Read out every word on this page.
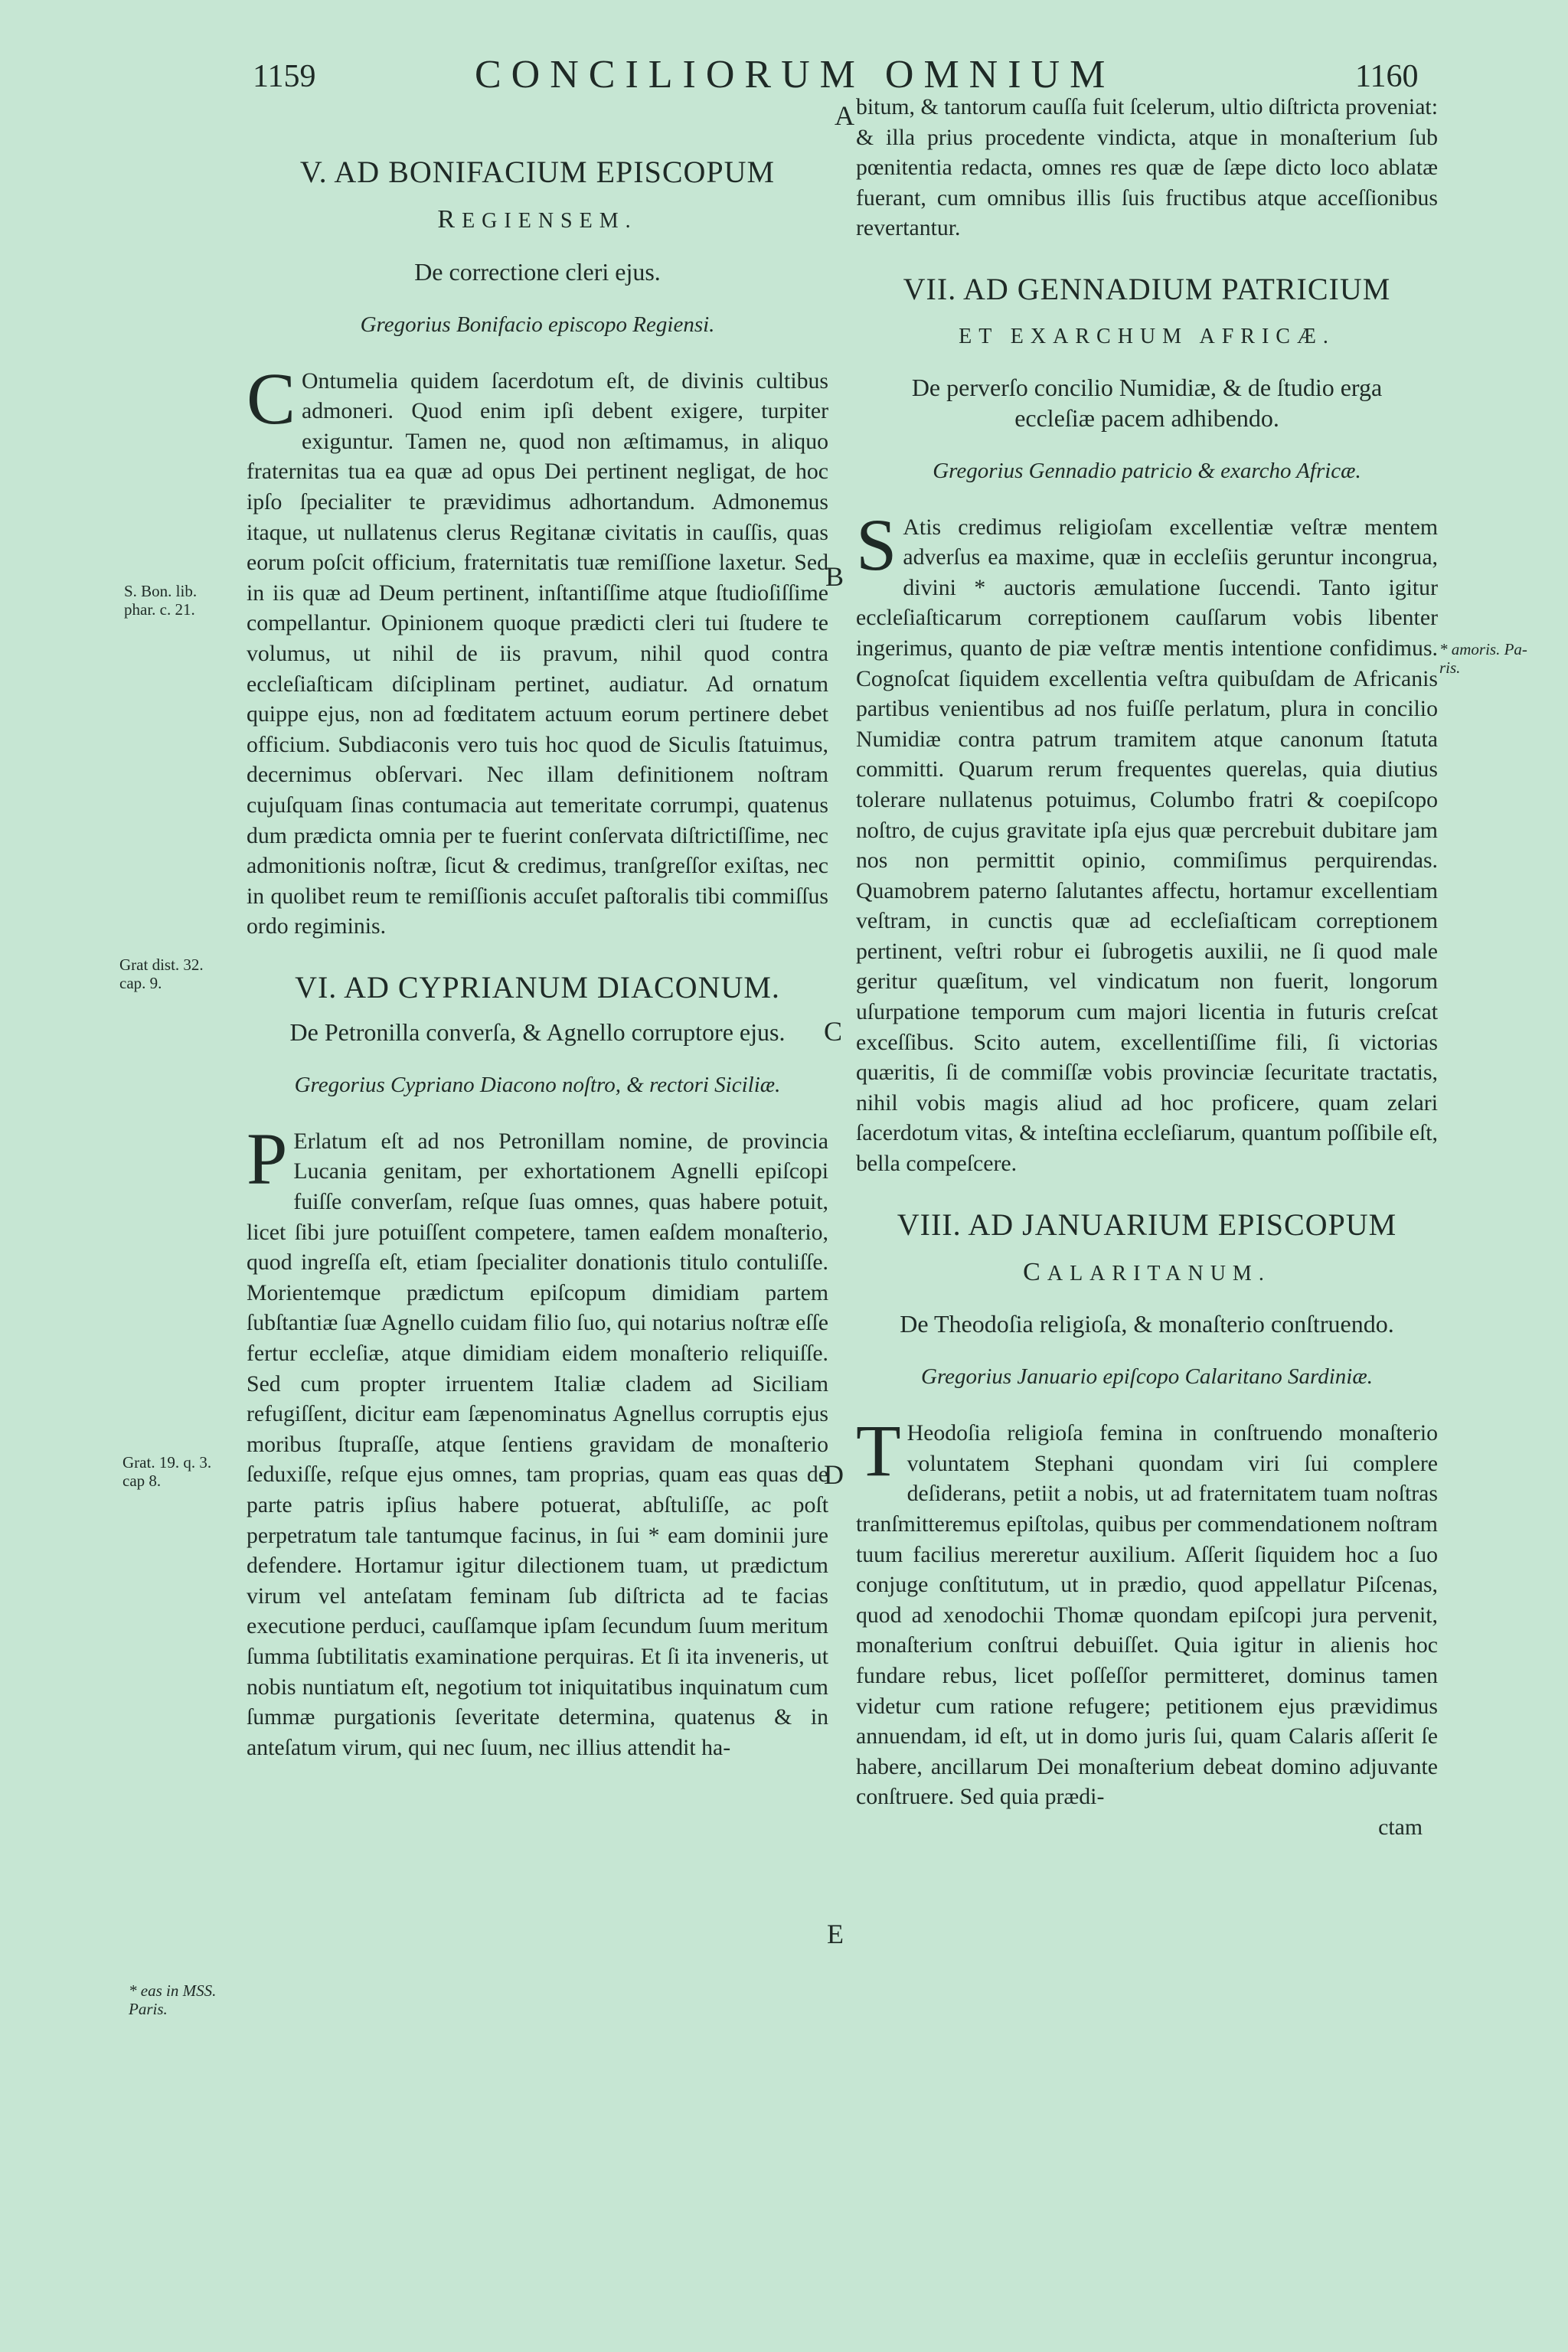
1159	CONCILIORUM OMNIUM	1160
A
B
C
D
E
S. Bon. lib.
phar. c. 21.
Grat dist. 32.
cap. 9.
Grat. 19. q. 3.
cap 8.
* eas in MSS.
Paris.
* amoris. Pa-
ris.
V. AD BONIFACIUM EPISCOPUM
REGIENSEM.
De correctione cleri ejus.
Gregorius Bonifacio episcopo Regiensi.

C Ontumelia quidem ſacerdotum eſt, de divinis cultibus admoneri. Quod enim ipſi debent exigere, turpiter exiguntur. Tamen ne, quod non æſtimamus, in aliquo fraternitas tua ea quæ ad opus Dei pertinent negligat, de hoc ipſo ſpecialiter te prævidimus adhortandum. Admonemus itaque, ut nullatenus clerus Regitanæ civitatis in cauſſis, quas eorum poſcit officium, fraternitatis tuæ remiſſione laxetur. Sed in iis quæ ad Deum pertinent, inſtantiſſime atque ſtudioſiſſime compellantur. Opinionem quoque prædicti cleri tui ſtudere te volumus, ut nihil de iis pravum, nihil quod contra eccleſiaſticam diſciplinam pertinet, audiatur. Ad ornatum quippe ejus, non ad fœditatem actuum eorum pertinere debet officium. Subdiaconis vero tuis hoc quod de Siculis ſtatuimus, decernimus obſervari. Nec illam definitionem noſtram cujuſquam ſinas contumacia aut temeritate corrumpi, quatenus dum prædicta omnia per te fuerint conſervata diſtrictiſſime, nec admonitionis noſtræ, ſicut & credimus, tranſgreſſor exiſtas, nec in quolibet reum te remiſſionis accuſet paſtoralis tibi commiſſus ordo regiminis.

VI. AD CYPRIANUM DIACONUM.
De Petronilla converſa, & Agnello corruptore ejus.
Gregorius Cypriano Diacono noſtro, & rectori Siciliæ.

P Erlatum eſt ad nos Petronillam nomine, de provincia Lucania genitam, per exhortationem Agnelli epiſcopi fuiſſe converſam, reſque ſuas omnes, quas habere potuit, licet ſibi jure potuiſſent competere, tamen eaſdem monaſterio, quod ingreſſa eſt, etiam ſpecialiter donationis titulo contuliſſe. Morientemque prædictum epiſcopum dimidiam partem ſubſtantiæ ſuæ Agnello cuidam filio ſuo, qui notarius noſtræ eſſe fertur eccleſiæ, atque dimidiam eidem monaſterio reliquiſſe. Sed cum propter irruentem Italiæ cladem ad Siciliam refugiſſent, dicitur eam ſæpenominatus Agnellus corruptis ejus moribus ſtupraſſe, atque ſentiens gravidam de monaſterio ſeduxiſſe, reſque ejus omnes, tam proprias, quam eas quas de parte patris ipſius habere potuerat, abſtuliſſe, ac poſt perpetratum tale tantumque facinus, in ſui * eam dominii jure defendere. Hortamur igitur dilectionem tuam, ut prædictum virum vel anteſatam feminam ſub diſtricta ad te facias executione perduci, cauſſamque ipſam ſecundum ſuum meritum ſumma ſubtilitatis examinatione perquiras. Et ſi ita inveneris, ut nobis nuntiatum eſt, negotium tot iniquitatibus inquinatum cum ſummæ purgationis ſeveritate determina, quatenus & in anteſatum virum, qui nec ſuum, nec illius attendit ha-

bitum, & tantorum cauſſa fuit ſcelerum, ultio diſtricta proveniat: & illa prius procedente vindicta, atque in monaſterium ſub pœnitentia redacta, omnes res quæ de ſæpe dicto loco ablatæ fuerant, cum omnibus illis ſuis fructibus atque acceſſionibus revertantur.

VII. AD GENNADIUM PATRICIUM
ET EXARCHUM AFRICÆ.
De perverſo concilio Numidiæ, & de ſtudio erga eccleſiæ pacem adhibendo.
Gregorius Gennadio patricio & exarcho Africæ.

S Atis credimus religioſam excellentiæ veſtræ mentem adverſus ea maxime, quæ in eccleſiis geruntur incongrua, divini * auctoris æmulatione ſuccendi. Tanto igitur eccleſiaſticarum correptionem cauſſarum vobis libenter ingerimus, quanto de piæ veſtræ mentis intentione confidimus. Cognoſcat ſiquidem excellentia veſtra quibuſdam de Africanis partibus venientibus ad nos fuiſſe perlatum, plura in concilio Numidiæ contra patrum tramitem atque canonum ſtatuta committi. Quarum rerum frequentes querelas, quia diutius tolerare nullatenus potuimus, Columbo fratri & coepiſcopo noſtro, de cujus gravitate ipſa ejus quæ percrebuit dubitare jam nos non permittit opinio, commiſimus perquirendas. Quamobrem paterno ſalutantes affectu, hortamur excellentiam veſtram, in cunctis quæ ad eccleſiaſticam correptionem pertinent, veſtri robur ei ſubrogetis auxilii, ne ſi quod male geritur quæſitum, vel vindicatum non fuerit, longorum uſurpatione temporum cum majori licentia in futuris creſcat exceſſibus. Scito autem, excellentiſſime fili, ſi victorias quæritis, ſi de commiſſæ vobis provinciæ ſecuritate tractatis, nihil vobis magis aliud ad hoc proficere, quam zelari ſacerdotum vitas, & inteſtina eccleſiarum, quantum poſſibile eſt, bella compeſcere.

VIII. AD JANUARIUM EPISCOPUM
CALARITANUM.
De Theodoſia religioſa, & monaſterio conſtruendo.
Gregorius Januario epiſcopo Calaritano Sardiniæ.

T Heodoſia religioſa femina in conſtruendo monaſterio voluntatem Stephani quondam viri ſui complere deſiderans, petiit a nobis, ut ad fraternitatem tuam noſtras tranſmitteremus epiſtolas, quibus per commendationem noſtram tuum facilius mereretur auxilium. Aſſerit ſiquidem hoc a ſuo conjuge conſtitutum, ut in prædio, quod appellatur Piſcenas, quod ad xenodochii Thomæ quondam epiſcopi jura pervenit, monaſterium conſtrui debuiſſet. Quia igitur in alienis hoc fundare rebus, licet poſſeſſor permitteret, dominus tamen videtur cum ratione refugere; petitionem ejus prævidimus annuendam, id eſt, ut in domo juris ſui, quam Calaris aſſerit ſe habere, ancillarum Dei monaſterium debeat domino adjuvante conſtruere. Sed quia prædi-

ctam
